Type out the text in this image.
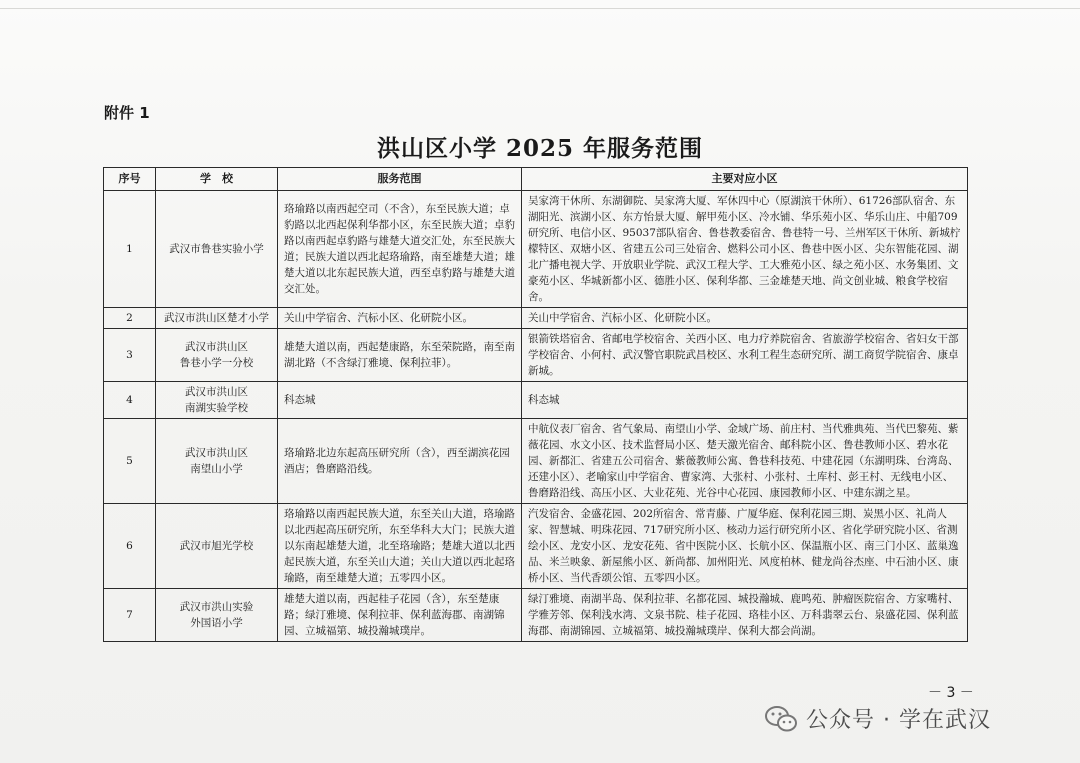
附件 1
洪山区小学 2025 年服务范围
序号	学　校	服务范围	主要对应小区
1	武汉市鲁巷实验小学	珞瑜路以南西起空司（不含），东至民族大道；卓豹路以北西起保利华都小区，东至民族大道；卓豹路以南西起卓豹路与雄楚大道交汇处，东至民族大道；民族大道以西北起珞瑜路，南至雄楚大道；雄楚大道以北东起民族大道，西至卓豹路与雄楚大道交汇处。	吴家湾干休所、东湖御院、吴家湾大厦、军休四中心（原湖滨干休所）、61726部队宿舍、东湖阳光、滨湖小区、东方怡景大厦、解甲苑小区、冷水铺、华乐苑小区、华乐山庄、中船709研究所、电信小区、95037部队宿舍、鲁巷教委宿舍、鲁巷特一号、兰州军区干休所、新城柠檬特区、双塘小区、省建五公司三处宿舍、燃料公司小区、鲁巷中医小区、尖东智能花园、湖北广播电视大学、开放职业学院、武汉工程大学、工大雅苑小区、绿之苑小区、水务集团、文豪苑小区、华城新都小区、德胜小区、保利华都、三金雄楚天地、尚文创业城、粮食学校宿舍。
2	武汉市洪山区楚才小学	关山中学宿舍、汽标小区、化研院小区。	关山中学宿舍、汽标小区、化研院小区。
3	武汉市洪山区
鲁巷小学一分校	雄楚大道以南，西起楚康路，东至荣院路，南至南湖北路（不含绿汀雅境、保利拉菲）。	银箭铁塔宿舍、省邮电学校宿舍、关西小区、电力疗养院宿舍、省旅游学校宿舍、省妇女干部学校宿舍、小何村、武汉警官职院武昌校区、水利工程生态研究所、湖工商贸学院宿舍、康卓新城。
4	武汉市洪山区
南湖实验学校	科态城	科态城
5	武汉市洪山区
南望山小学	珞瑜路北边东起高压研究所（含），西至湖滨花园酒店；鲁磨路沿线。	中航仪表厂宿舍、省气象局、南望山小学、金域广场、前庄村、当代雅典苑、当代巴黎苑、紫薇花园、水文小区、技术监督局小区、楚天激光宿舍、邮科院小区、鲁巷教师小区、碧水花园、新都汇、省建五公司宿舍、紫薇教师公寓、鲁巷科技苑、中建花园（东湖明珠、台湾岛、还建小区）、老喻家山中学宿舍、曹家湾、大张村、小张村、土库村、彭王村、无线电小区、鲁磨路沿线、高压小区、大业花苑、光谷中心花园、康园教师小区、中建东湖之星。
6	武汉市旭光学校	珞瑜路以南西起民族大道，东至关山大道，珞瑜路以北西起高压研究所，东至华科大大门；民族大道以东南起雄楚大道，北至珞瑜路；楚雄大道以北西起民族大道，东至关山大道；关山大道以西北起珞瑜路，南至雄楚大道；五零四小区。	汽发宿舍、金盛花园、202所宿舍、常青藤、广厦华庭、保利花园三期、炭黑小区、礼尚人家、智慧城、明珠花园、717研究所小区、核动力运行研究所小区、省化学研究院小区、省测绘小区、龙安小区、龙安花苑、省中医院小区、长航小区、保温瓶小区、南三门小区、蓝巢逸品、米兰映象、新屋熊小区、新尚都、加州阳光、风度柏林、健龙尚谷杰座、中石油小区、康桥小区、当代香颂公馆、五零四小区。
7	武汉市洪山实验
外国语小学	雄楚大道以南，西起桂子花园（含），东至楚康路；绿汀雅境、保利拉菲、保利蓝海郡、南湖锦园、立城福第、城投瀚城璞岸。	绿汀雅境、南湖半岛、保利拉菲、名都花园、城投瀚城、鹿鸣苑、肿瘤医院宿舍、方家嘴村、学雅芳邻、保利浅水湾、文泉书院、桂子花园、珞桂小区、万科翡翠云台、泉盛花园、保利蓝海郡、南湖锦园、立城福第、城投瀚城璞岸、保利大都会尚湖。
－ 3 －
公众号 · 学在武汉
